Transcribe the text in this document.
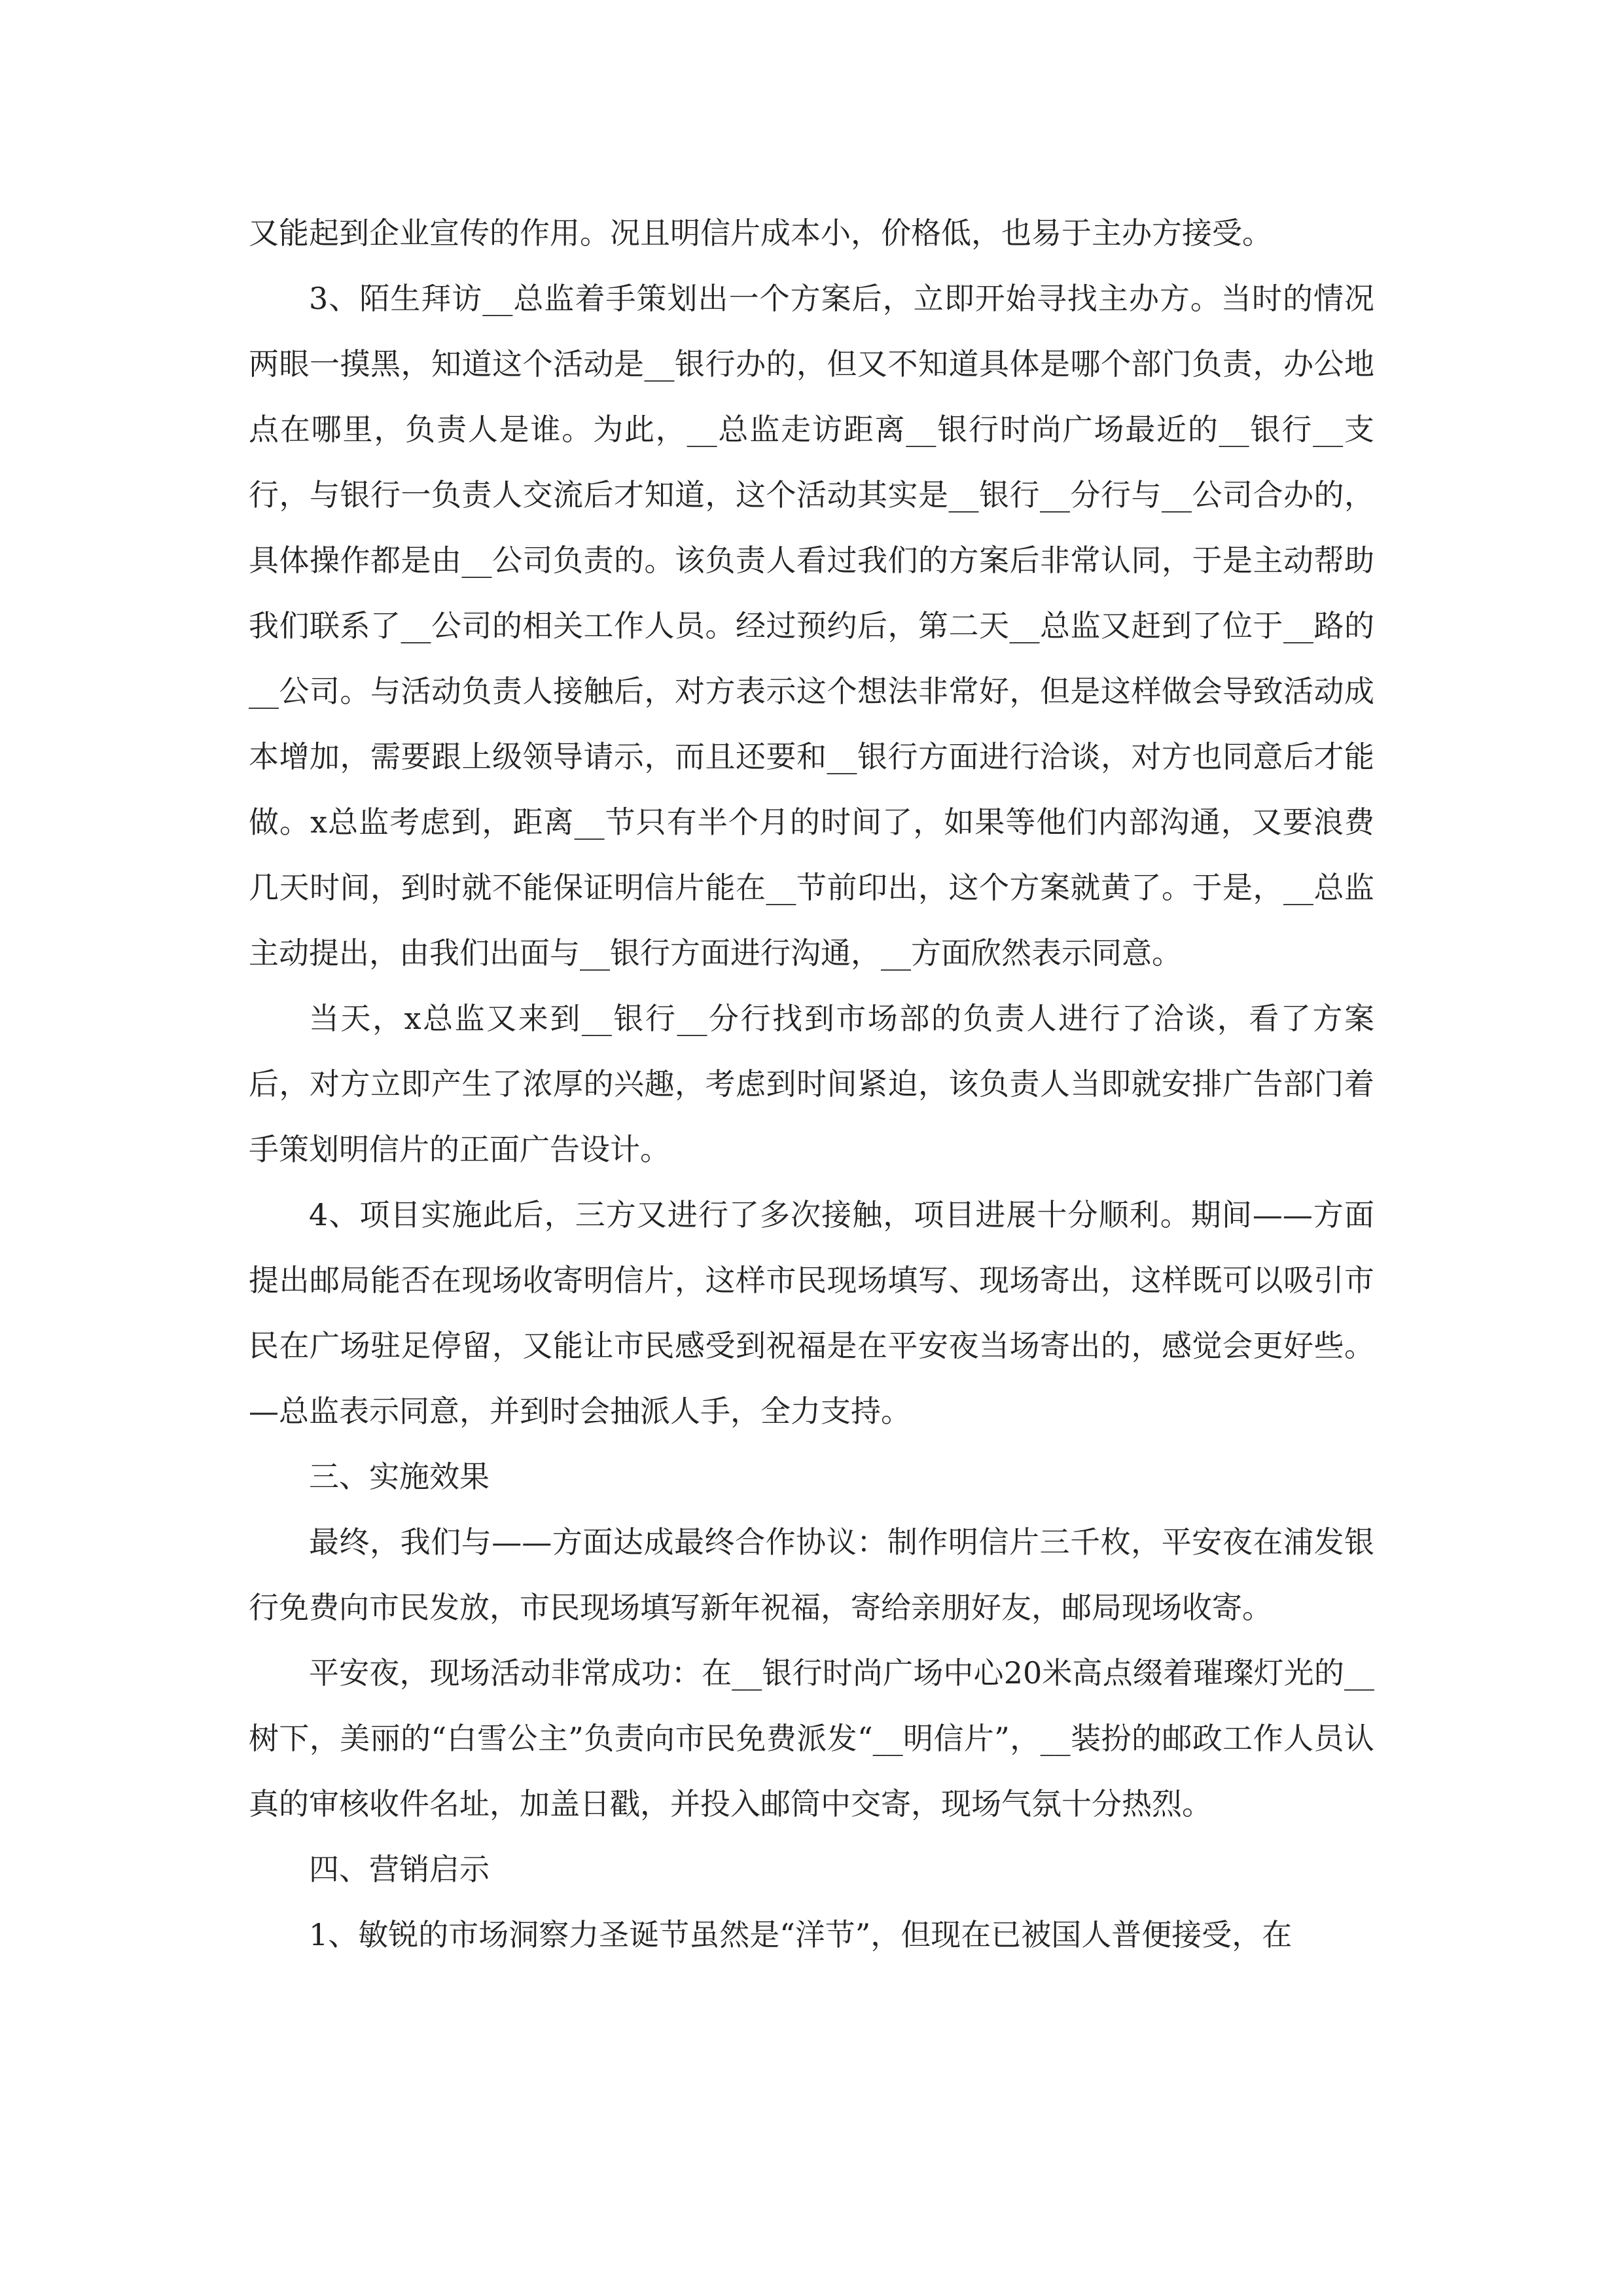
又能起到企业宣传的作用。况且明信片成本小，价格低，也易于主办方接受。

3、陌生拜访__总监着手策划出一个方案后，立即开始寻找主办方。当时的情况两眼一摸黑，知道这个活动是__银行办的，但又不知道具体是哪个部门负责，办公地点在哪里，负责人是谁。为此，__总监走访距离__银行时尚广场最近的__银行__支行，与银行一负责人交流后才知道，这个活动其实是__银行__分行与__公司合办的，具体操作都是由__公司负责的。该负责人看过我们的方案后非常认同，于是主动帮助我们联系了__公司的相关工作人员。经过预约后，第二天__总监又赶到了位于__路的__公司。与活动负责人接触后，对方表示这个想法非常好，但是这样做会导致活动成本增加，需要跟上级领导请示，而且还要和__银行方面进行洽谈，对方也同意后才能做。x总监考虑到，距离__节只有半个月的时间了，如果等他们内部沟通，又要浪费几天时间，到时就不能保证明信片能在__节前印出，这个方案就黄了。于是，__总监主动提出，由我们出面与__银行方面进行沟通，__方面欣然表示同意。

当天，x总监又来到__银行__分行找到市场部的负责人进行了洽谈，看了方案后，对方立即产生了浓厚的兴趣，考虑到时间紧迫，该负责人当即就安排广告部门着手策划明信片的正面广告设计。

4、项目实施此后，三方又进行了多次接触，项目进展十分顺利。期间——方面提出邮局能否在现场收寄明信片，这样市民现场填写、现场寄出，这样既可以吸引市民在广场驻足停留，又能让市民感受到祝福是在平安夜当场寄出的，感觉会更好些。—总监表示同意，并到时会抽派人手，全力支持。

三、实施效果

最终，我们与——方面达成最终合作协议：制作明信片三千枚，平安夜在浦发银行免费向市民发放，市民现场填写新年祝福，寄给亲朋好友，邮局现场收寄。

平安夜，现场活动非常成功：在__银行时尚广场中心20米高点缀着璀璨灯光的__树下，美丽的“白雪公主”负责向市民免费派发“__明信片”，__装扮的邮政工作人员认真的审核收件名址，加盖日戳，并投入邮筒中交寄，现场气氛十分热烈。

四、营销启示

1、敏锐的市场洞察力圣诞节虽然是“洋节”，但现在已被国人普便接受，在
